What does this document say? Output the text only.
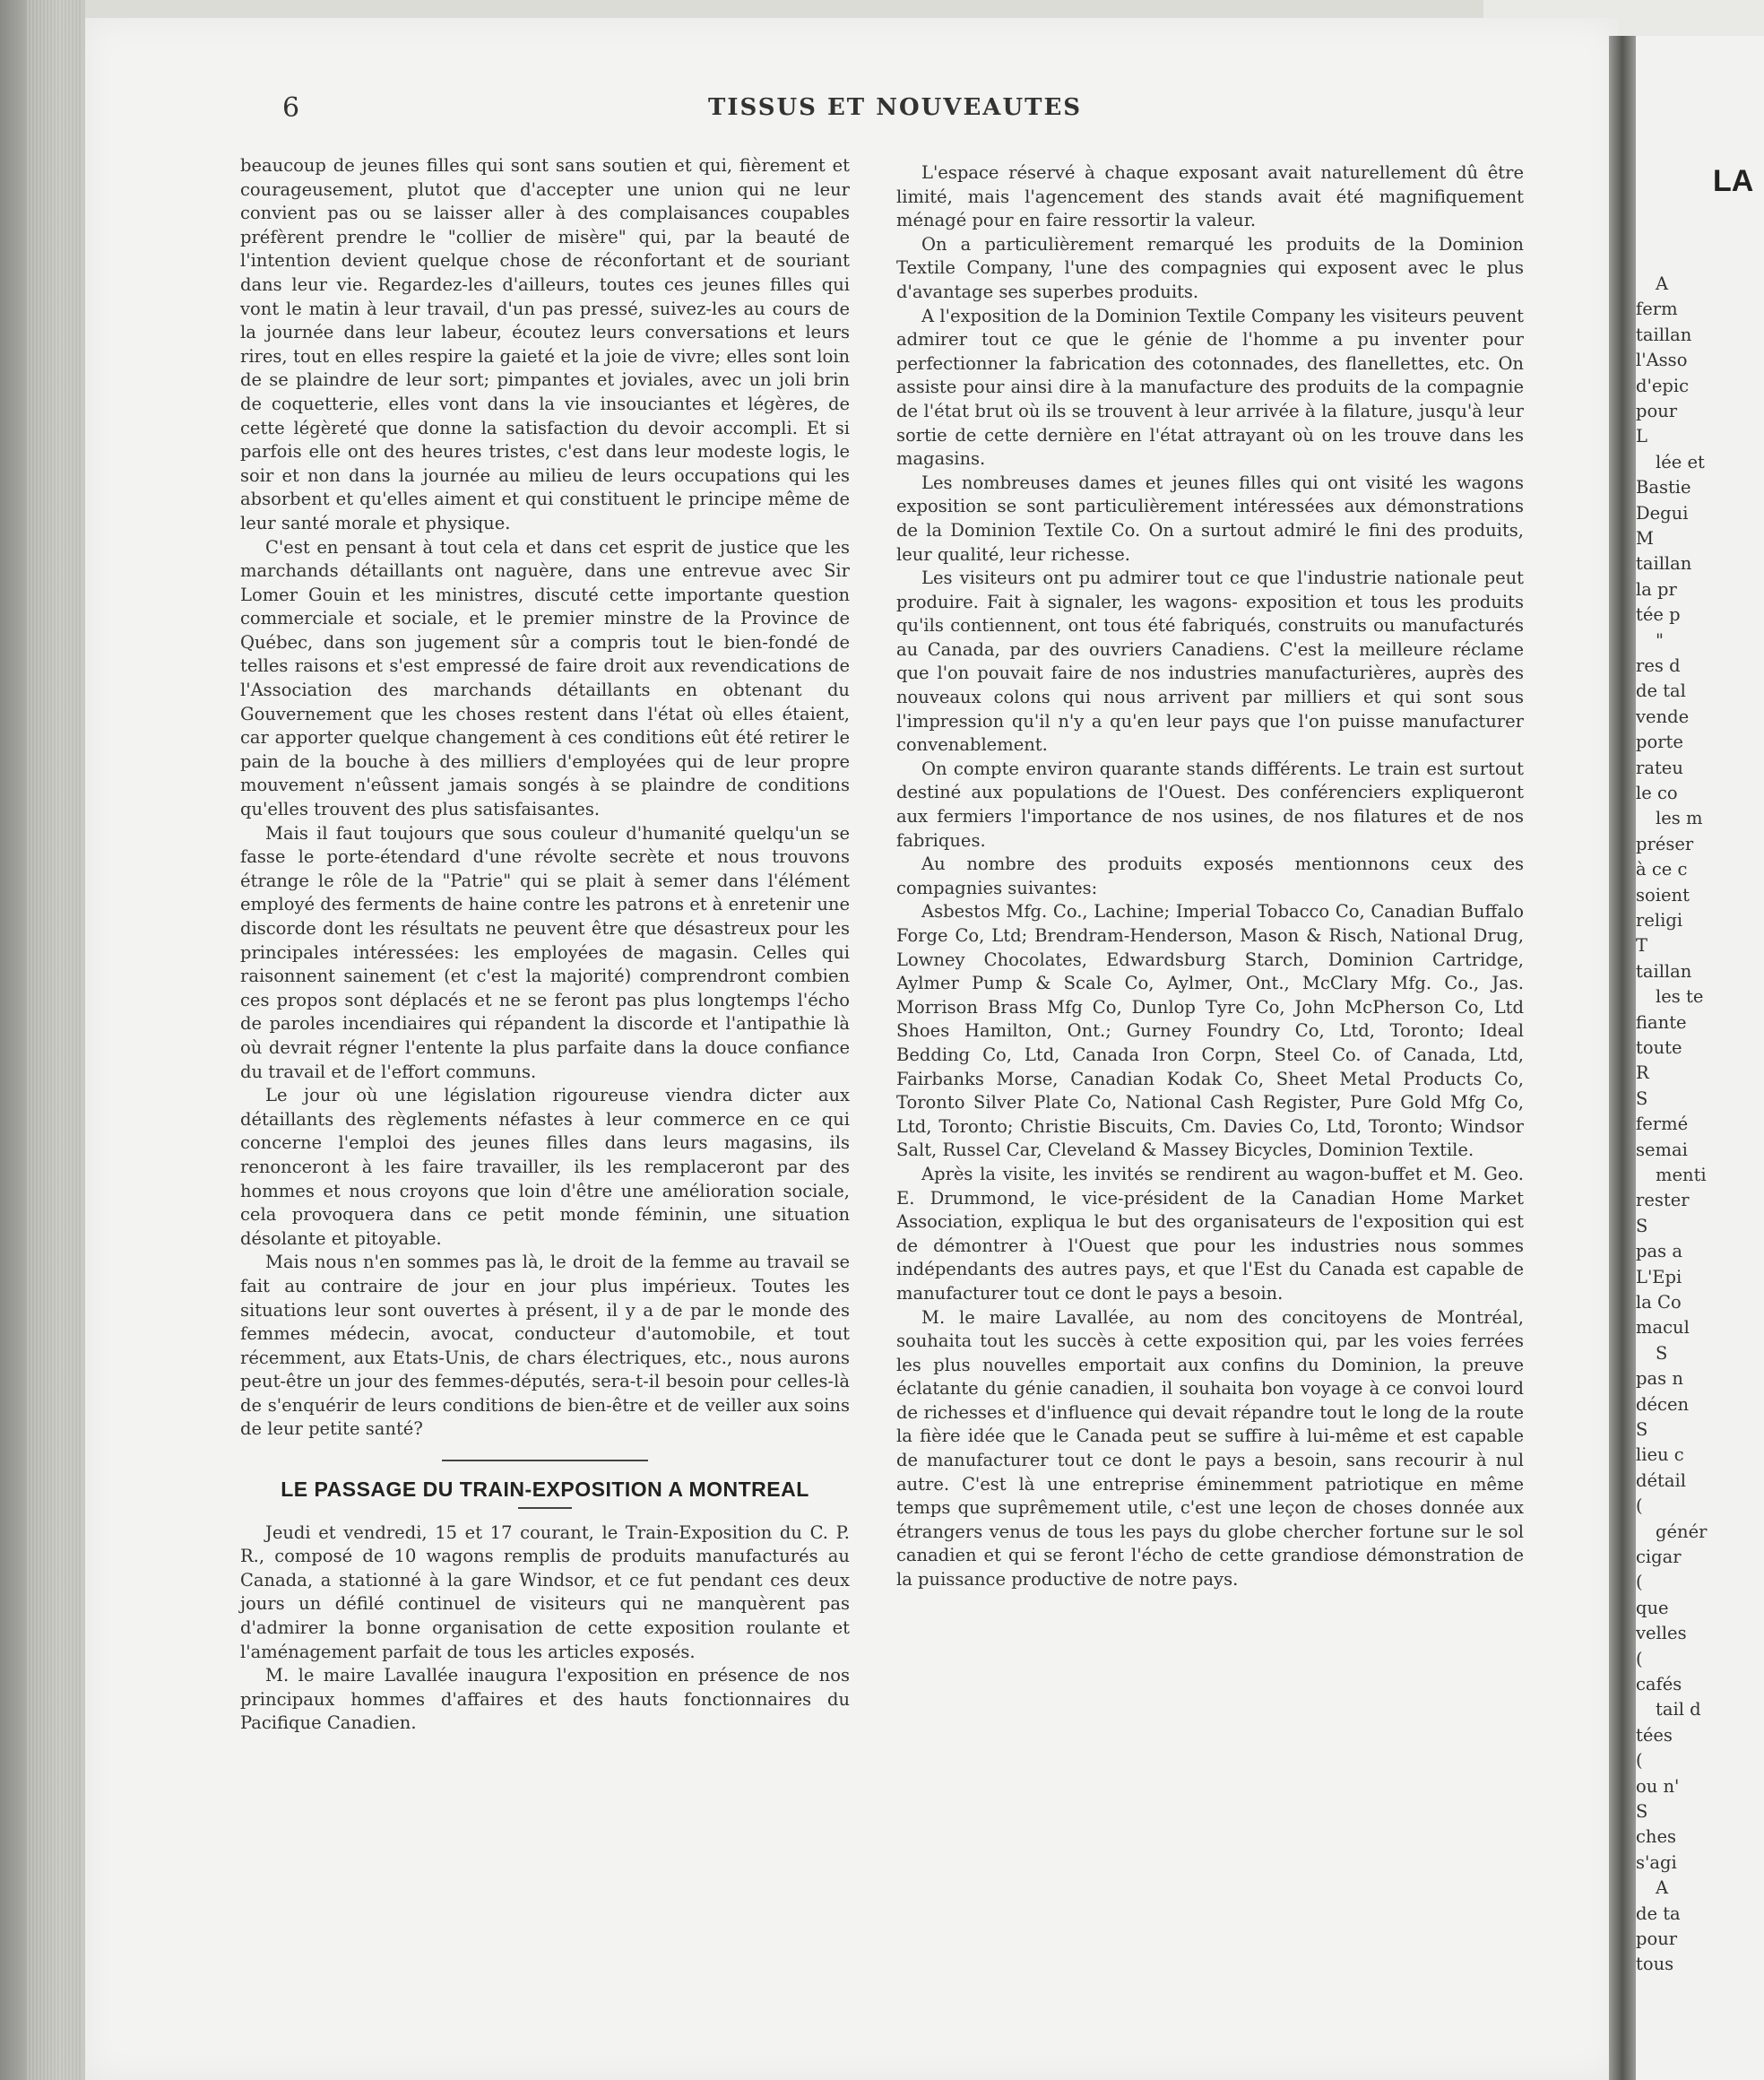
6	TISSUS ET NOUVEAUTES

beaucoup de jeunes filles qui sont sans soutien et qui, fièrement et courageusement, plutot que d'accepter une union qui ne leur convient pas ou se laisser aller à des complaisances coupables préfèrent prendre le "collier de misère" qui, par la beauté de l'intention devient quelque chose de réconfortant et de souriant dans leur vie. Regardez-les d'ailleurs, toutes ces jeunes filles qui vont le matin à leur travail, d'un pas pressé, suivez-les au cours de la journée dans leur labeur, écoutez leurs conversations et leurs rires, tout en elles respire la gaieté et la joie de vivre; elles sont loin de se plaindre de leur sort; pimpantes et joviales, avec un joli brin de coquetterie, elles vont dans la vie insouciantes et légères, de cette légèreté que donne la satisfaction du devoir accompli. Et si parfois elle ont des heures tristes, c'est dans leur modeste logis, le soir et non dans la journée au milieu de leurs occupations qui les absorbent et qu'elles aiment et qui constituent le principe même de leur santé morale et physique.

C'est en pensant à tout cela et dans cet esprit de justice que les marchands détaillants ont naguère, dans une entrevue avec Sir Lomer Gouin et les ministres, discuté cette importante question commerciale et sociale, et le premier minstre de la Province de Québec, dans son jugement sûr a compris tout le bien-fondé de telles raisons et s'est empressé de faire droit aux revendications de l'Association des marchands détaillants en obtenant du Gouvernement que les choses restent dans l'état où elles étaient, car apporter quelque changement à ces conditions eût été retirer le pain de la bouche à des milliers d'employées qui de leur propre mouvement n'eûssent jamais songés à se plaindre de conditions qu'elles trouvent des plus satisfaisantes.

Mais il faut toujours que sous couleur d'humanité quelqu'un se fasse le porte-étendard d'une révolte secrète et nous trouvons étrange le rôle de la "Patrie" qui se plait à semer dans l'élément employé des ferments de haine contre les patrons et à enretenir une discorde dont les résultats ne peuvent être que désastreux pour les principales intéressées: les employées de magasin. Celles qui raisonnent sainement (et c'est la majorité) comprendront combien ces propos sont déplacés et ne se feront pas plus longtemps l'écho de paroles incendiaires qui répandent la discorde et l'antipathie là où devrait régner l'entente la plus parfaite dans la douce confiance du travail et de l'effort communs.

Le jour où une législation rigoureuse viendra dicter aux détaillants des règlements néfastes à leur commerce en ce qui concerne l'emploi des jeunes filles dans leurs magasins, ils renonceront à les faire travailler, ils les remplaceront par des hommes et nous croyons que loin d'être une amélioration sociale, cela provoquera dans ce petit monde féminin, une situation désolante et pitoyable.

Mais nous n'en sommes pas là, le droit de la femme au travail se fait au contraire de jour en jour plus impérieux. Toutes les situations leur sont ouvertes à présent, il y a de par le monde des femmes médecin, avocat, conducteur d'automobile, et tout récemment, aux Etats-Unis, de chars électriques, etc., nous aurons peut-être un jour des femmes-députés, sera-t-il besoin pour celles-là de s'enquérir de leurs conditions de bien-être et de veiller aux soins de leur petite santé?

LE PASSAGE DU TRAIN-EXPOSITION A MONTREAL

Jeudi et vendredi, 15 et 17 courant, le Train-Exposition du C. P. R., composé de 10 wagons remplis de produits manufacturés au Canada, a stationné à la gare Windsor, et ce fut pendant ces deux jours un défilé continuel de visiteurs qui ne manquèrent pas d'admirer la bonne organisation de cette exposition roulante et l'aménagement parfait de tous les articles exposés.

M. le maire Lavallée inaugura l'exposition en présence de nos principaux hommes d'affaires et des hauts fonctionnaires du Pacifique Canadien.

L'espace réservé à chaque exposant avait naturellement dû être limité, mais l'agencement des stands avait été magnifiquement ménagé pour en faire ressortir la valeur.

On a particulièrement remarqué les produits de la Dominion Textile Company, l'une des compagnies qui exposent avec le plus d'avantage ses superbes produits.

A l'exposition de la Dominion Textile Company les visiteurs peuvent admirer tout ce que le génie de l'homme a pu inventer pour perfectionner la fabrication des cotonnades, des flanellettes, etc. On assiste pour ainsi dire à la manufacture des produits de la compagnie de l'état brut où ils se trouvent à leur arrivée à la filature, jusqu'à leur sortie de cette dernière en l'état attrayant où on les trouve dans les magasins.

Les nombreuses dames et jeunes filles qui ont visité les wagons exposition se sont particulièrement intéressées aux démonstrations de la Dominion Textile Co. On a surtout admiré le fini des produits, leur qualité, leur richesse.

Les visiteurs ont pu admirer tout ce que l'industrie nationale peut produire. Fait à signaler, les wagons- exposition et tous les produits qu'ils contiennent, ont tous été fabriqués, construits ou manufacturés au Canada, par des ouvriers Canadiens. C'est la meilleure réclame que l'on pouvait faire de nos industries manufacturières, auprès des nouveaux colons qui nous arrivent par milliers et qui sont sous l'impression qu'il n'y a qu'en leur pays que l'on puisse manufacturer convenablement.

On compte environ quarante stands différents. Le train est surtout destiné aux populations de l'Ouest. Des conférenciers expliqueront aux fermiers l'importance de nos usines, de nos filatures et de nos fabriques.

Au nombre des produits exposés mentionnons ceux des compagnies suivantes:

Asbestos Mfg. Co., Lachine; Imperial Tobacco Co, Canadian Buffalo Forge Co, Ltd; Brendram-Henderson, Mason & Risch, National Drug, Lowney Chocolates, Edwardsburg Starch, Dominion Cartridge, Aylmer Pump & Scale Co, Aylmer, Ont., McClary Mfg. Co., Jas. Morrison Brass Mfg Co, Dunlop Tyre Co, John McPherson Co, Ltd Shoes Hamilton, Ont.; Gurney Foundry Co, Ltd, Toronto; Ideal Bedding Co, Ltd, Canada Iron Corpn, Steel Co. of Canada, Ltd, Fairbanks Morse, Canadian Kodak Co, Sheet Metal Products Co, Toronto Silver Plate Co, National Cash Register, Pure Gold Mfg Co, Ltd, Toronto; Christie Biscuits, Cm. Davies Co, Ltd, Toronto; Windsor Salt, Russel Car, Cleveland & Massey Bicycles, Dominion Textile.

Après la visite, les invités se rendirent au wagon-buffet et M. Geo. E. Drummond, le vice-président de la Canadian Home Market Association, expliqua le but des organisateurs de l'exposition qui est de démontrer à l'Ouest que pour les industries nous sommes indépendants des autres pays, et que l'Est du Canada est capable de manufacturer tout ce dont le pays a besoin.

M. le maire Lavallée, au nom des concitoyens de Montréal, souhaita tout les succès à cette exposition qui, par les voies ferrées les plus nouvelles emportait aux confins du Dominion, la preuve éclatante du génie canadien, il souhaita bon voyage à ce convoi lourd de richesses et d'influence qui devait répandre tout le long de la route la fière idée que le Canada peut se suffire à lui-même et est capable de manufacturer tout ce dont le pays a besoin, sans recourir à nul autre. C'est là une entreprise éminemment patriotique en même temps que suprêmement utile, c'est une leçon de choses donnée aux étrangers venus de tous les pays du globe chercher fortune sur le sol canadien et qui se feront l'écho de cette grandiose démonstration de la puissance productive de notre pays.

LA
A
ferm
taillan
l'Asso
d'epic
pour
L
lée et
Bastie
Degui
M
taillan
la pr
tée p
"
res d
de tal
vende
porte
rateu
le co
les m
préser
à ce c
soient
religi
T
taillan
les te
fiante
toute
R
S
fermé
semai
menti
rester
S
pas a
L'Epi
la Co
macul
S
pas n
décen
S
lieu c
détail
(
génér
cigar
(
que
velles
(
cafés
tail d
tées
(
ou n'
S
ches
s'agi
A
de ta
pour
tous
